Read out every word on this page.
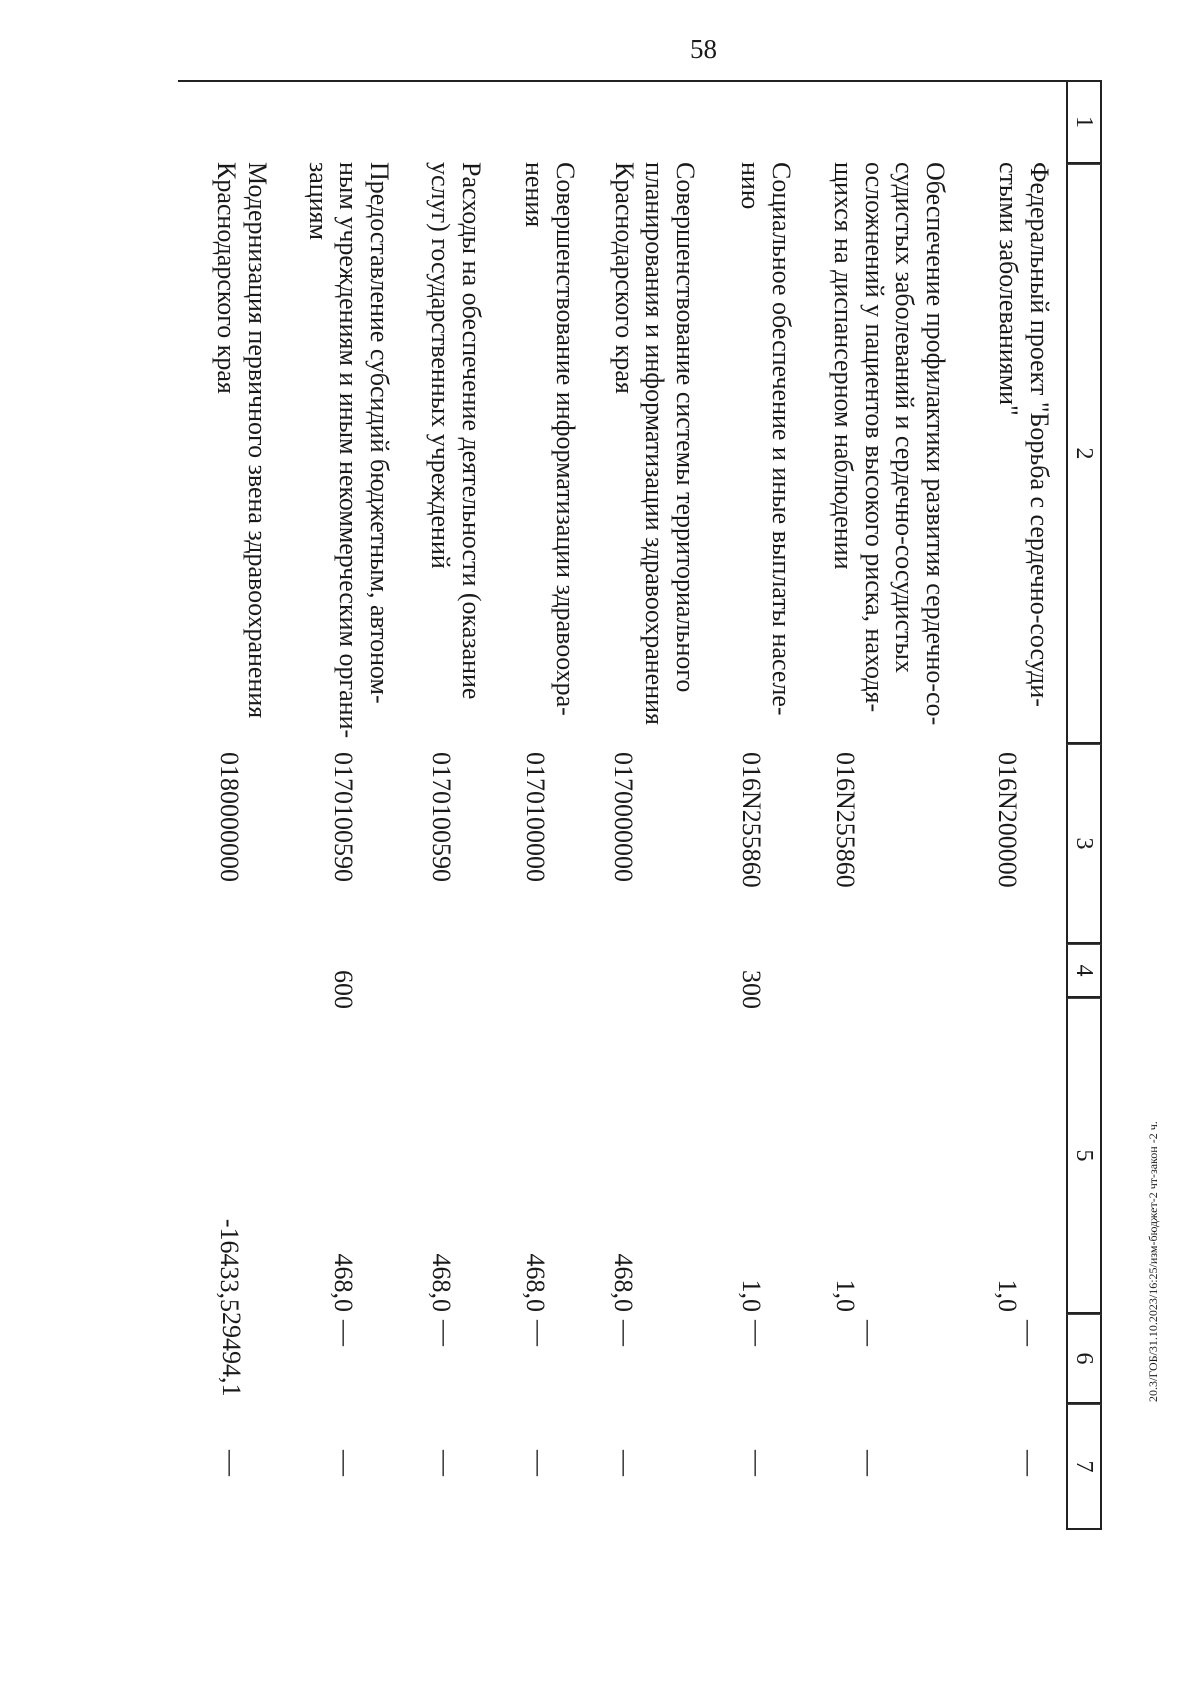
58
20.3/ГОБ/31.10.2023/16:25/изм-бюджет-2 чт-закон -2 ч.
1
2
3
4
5
6
7
Федеральный проект "Борьба с сердечно-сосуди-
стыми заболеваниями"
016N200000
1,0
Обеспечение профилактики развития сердечно-со-
судистых заболеваний и сердечно-сосудистых
осложнений у пациентов высокого риска, находя-
щихся на диспансерном наблюдении
016N255860
1,0
Социальное обеспечение и иные выплаты населе-
нию
016N255860
300
1,0
Совершенствование системы территориального
планирования и информатизации здравоохранения
Краснодарского края
0170000000
468,0
Совершенствование информатизации здравоохра-
нения
0170100000
468,0
Расходы на обеспечение деятельности (оказание
услуг) государственных учреждений
0170100590
468,0
Предоставление субсидий бюджетным, автоном-
ным учреждениям и иным некоммерческим органи-
зациям
0170100590
600
468,0
Модернизация первичного звена здравоохранения
Краснодарского края
0180000000
-16433,5
—
—
—
—
—
—
—
—
—
—
—
—
—
—
29494,1
—
